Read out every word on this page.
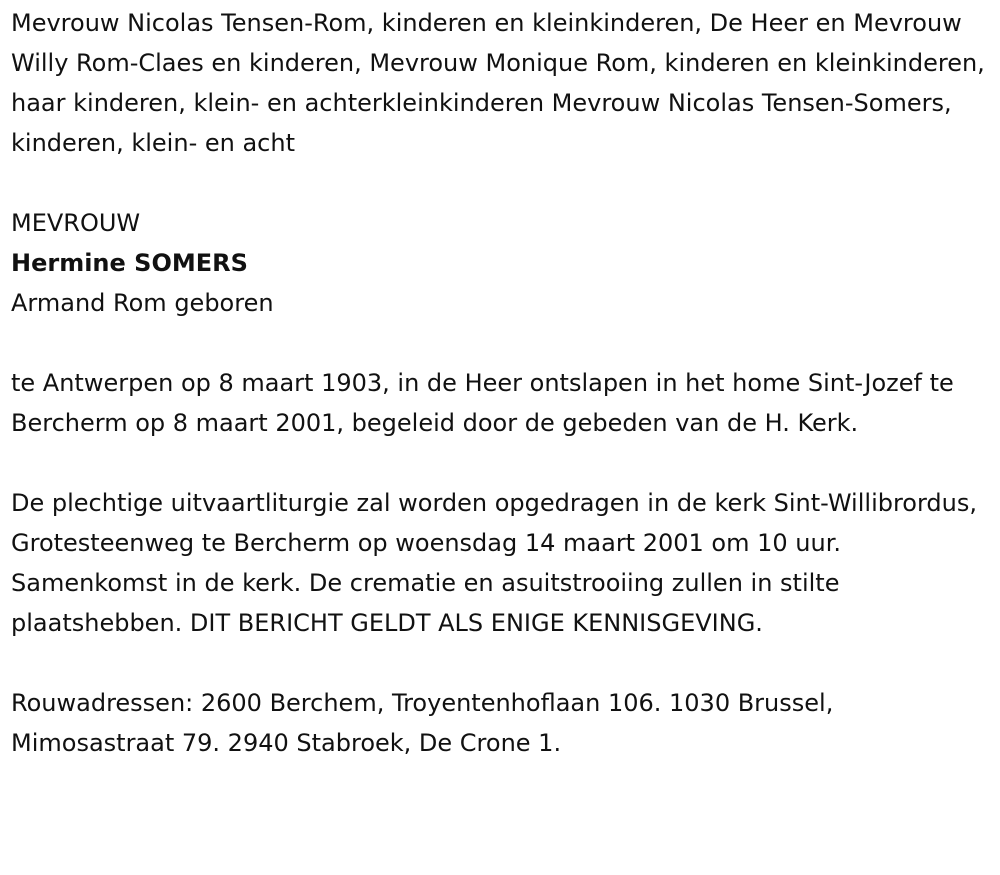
Mevrouw Nicolas Tensen-Rom, kinderen en kleinkinderen, De Heer en Mevrouw Willy Rom-Claes en kinderen, Mevrouw Monique Rom, kinderen en kleinkinderen, haar kinderen, klein- en achterkleinkinderen Mevrouw Nicolas Tensen-Somers, kinderen, klein- en acht

MEVROUW

Hermine SOMERS

Armand Rom geboren

te Antwerpen op 8 maart 1903, in de Heer ontslapen in het home Sint-Jozef te Bercherm op 8 maart 2001, begeleid door de gebeden van de H. Kerk.

De plechtige uitvaartliturgie zal worden opgedragen in de kerk Sint-Willibrordus, Grotesteenweg te Bercherm op woensdag 14 maart 2001 om 10 uur. Samenkomst in de kerk. De crematie en asuitstrooiing zullen in stilte plaatshebben. DIT BERICHT GELDT ALS ENIGE KENNISGEVING.

Rouwadressen: 2600 Berchem, Troyentenhoflaan 106. 1030 Brussel, Mimosastraat 79. 2940 Stabroek, De Crone 1.
